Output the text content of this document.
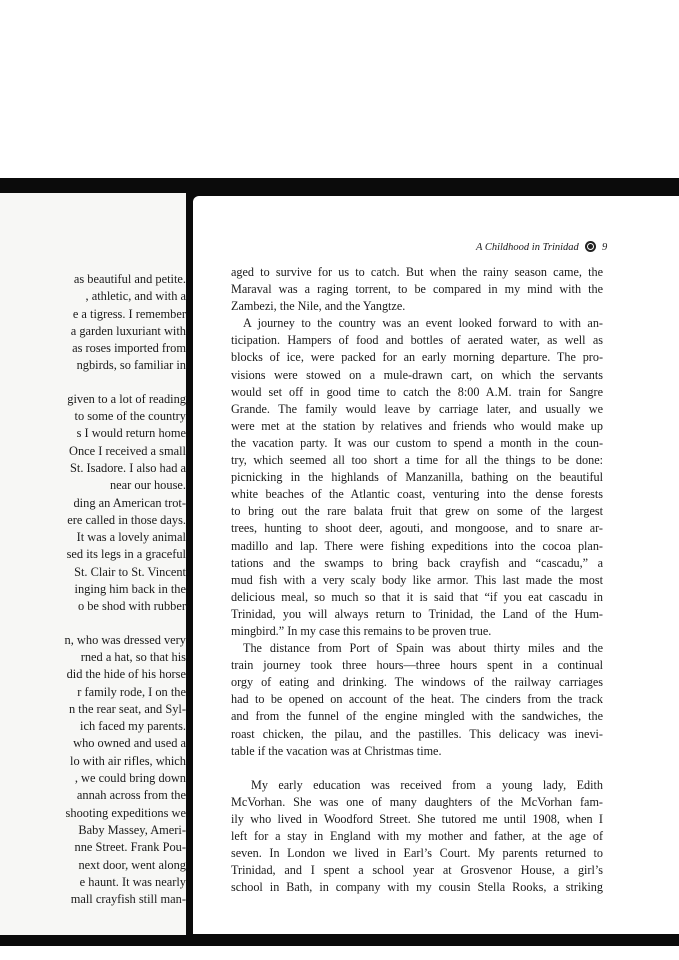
as beautiful and petite.
, athletic, and with a
e a tigress. I remember
a garden luxuriant with
as roses imported from
ngbirds, so familiar in
given to a lot of reading
to some of the country
s I would return home
Once I received a small
St. Isadore. I also had a
near our house.
ding an American trot-
ere called in those days.
It was a lovely animal
sed its legs in a graceful
St. Clair to St. Vincent
inging him back in the
o be shod with rubber
n, who was dressed very
rned a hat, so that his
did the hide of his horse
r family rode, I on the
n the rear seat, and Syl-
ich faced my parents.
who owned and used a
lo with air rifles, which
, we could bring down
annah across from the
shooting expeditions we
Baby Massey, Ameri-
nne Street. Frank Pou-
next door, went along
e haunt. It was nearly
mall crayfish still man-
A Childhood in Trinidad 9
aged to survive for us to catch. But when the rainy season came, the
Maraval was a raging torrent, to be compared in my mind with the
Zambezi, the Nile, and the Yangtze.
A journey to the country was an event looked forward to with an-
ticipation. Hampers of food and bottles of aerated water, as well as
blocks of ice, were packed for an early morning departure. The pro-
visions were stowed on a mule-drawn cart, on which the servants
would set off in good time to catch the 8:00 A.M. train for Sangre
Grande. The family would leave by carriage later, and usually we
were met at the station by relatives and friends who would make up
the vacation party. It was our custom to spend a month in the coun-
try, which seemed all too short a time for all the things to be done:
picnicking in the highlands of Manzanilla, bathing on the beautiful
white beaches of the Atlantic coast, venturing into the dense forests
to bring out the rare balata fruit that grew on some of the largest
trees, hunting to shoot deer, agouti, and mongoose, and to snare ar-
madillo and lap. There were fishing expeditions into the cocoa plan-
tations and the swamps to bring back crayfish and “cascadu,” a
mud fish with a very scaly body like armor. This last made the most
delicious meal, so much so that it is said that “if you eat cascadu in
Trinidad, you will always return to Trinidad, the Land of the Hum-
mingbird.” In my case this remains to be proven true.
The distance from Port of Spain was about thirty miles and the
train journey took three hours—three hours spent in a continual
orgy of eating and drinking. The windows of the railway carriages
had to be opened on account of the heat. The cinders from the track
and from the funnel of the engine mingled with the sandwiches, the
roast chicken, the pilau, and the pastilles. This delicacy was inevi-
table if the vacation was at Christmas time.
My early education was received from a young lady, Edith
McVorhan. She was one of many daughters of the McVorhan fam-
ily who lived in Woodford Street. She tutored me until 1908, when I
left for a stay in England with my mother and father, at the age of
seven. In London we lived in Earl’s Court. My parents returned to
Trinidad, and I spent a school year at Grosvenor House, a girl’s
school in Bath, in company with my cousin Stella Rooks, a striking
